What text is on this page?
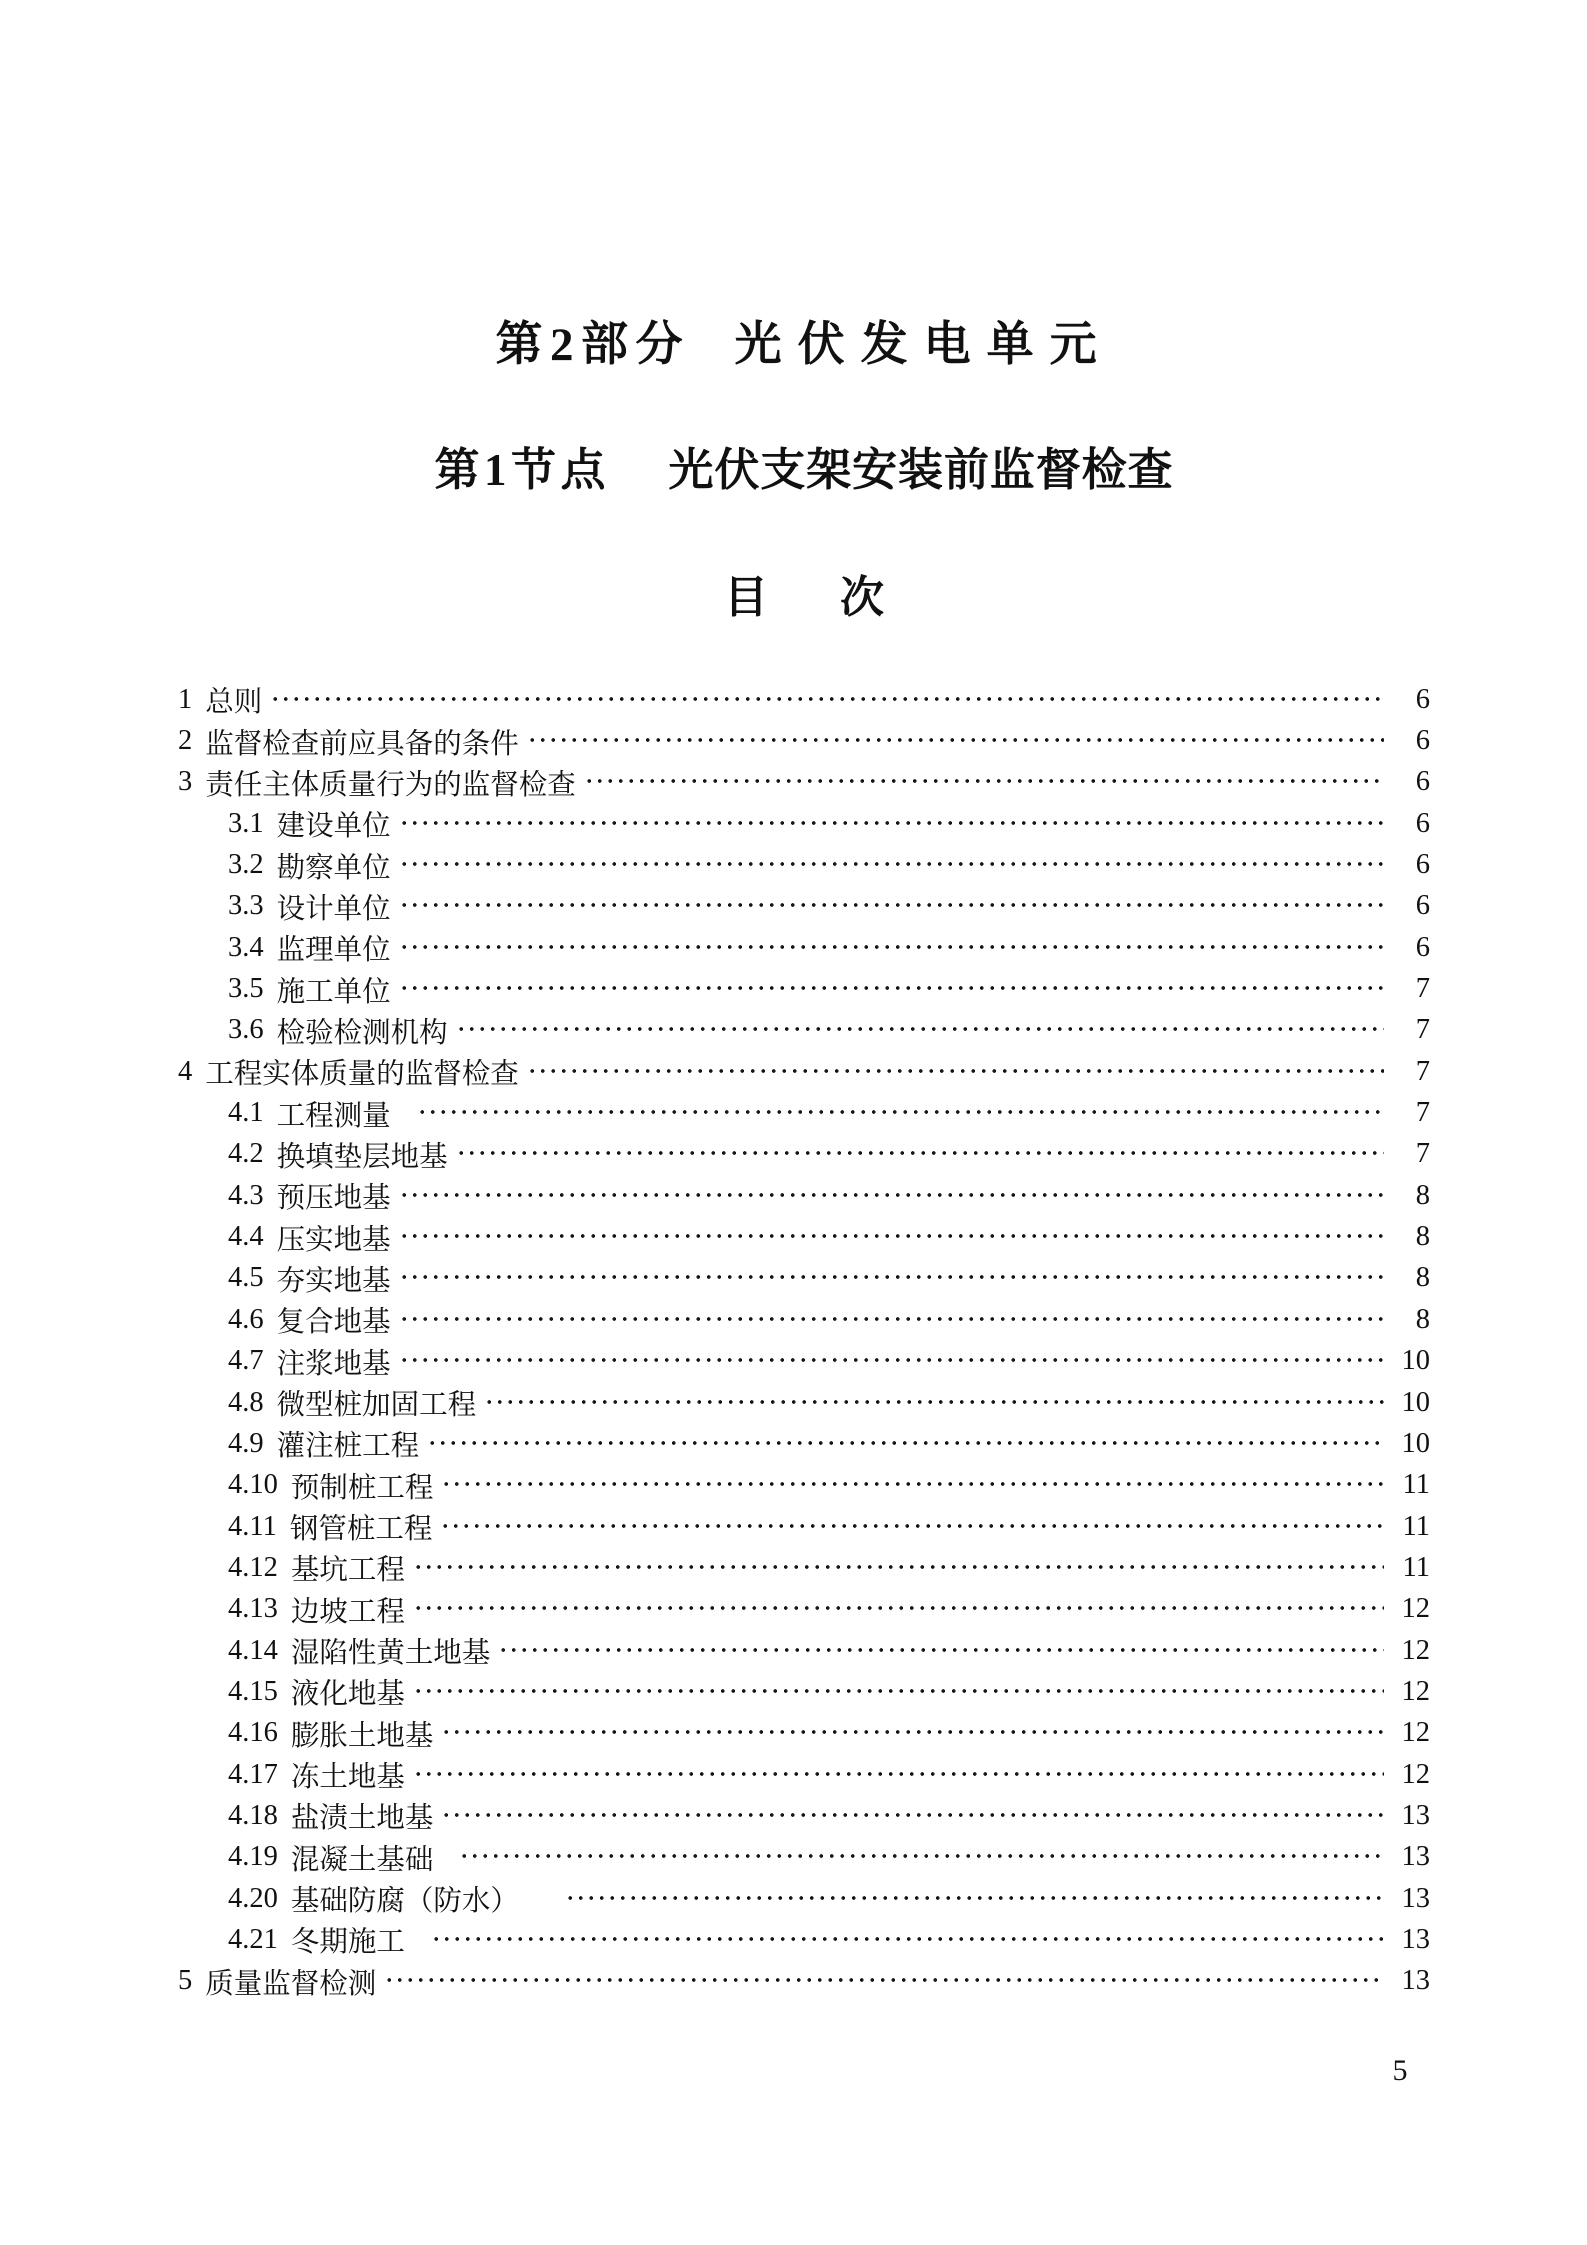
第2部分 光伏发电单元
第1节点 光伏支架安装前监督检查
目 次
1 总则	6
2 监督检查前应具备的条件	6
3 责任主体质量行为的监督检查	6
3.1 建设单位	6
3.2 勘察单位	6
3.3 设计单位	6
3.4 监理单位	6
3.5 施工单位	7
3.6 检验检测机构	7
4 工程实体质量的监督检查	7
4.1 工程测量	7
4.2 换填垫层地基	7
4.3 预压地基	8
4.4 压实地基	8
4.5 夯实地基	8
4.6 复合地基	8
4.7 注浆地基	10
4.8 微型桩加固工程	10
4.9 灌注桩工程	10
4.10 预制桩工程	11
4.11 钢管桩工程	11
4.12 基坑工程	11
4.13 边坡工程	12
4.14 湿陷性黄土地基	12
4.15 液化地基	12
4.16 膨胀土地基	12
4.17 冻土地基	12
4.18 盐渍土地基	13
4.19 混凝土基础	13
4.20 基础防腐（防水）	13
4.21 冬期施工	13
5 质量监督检测	13
5
